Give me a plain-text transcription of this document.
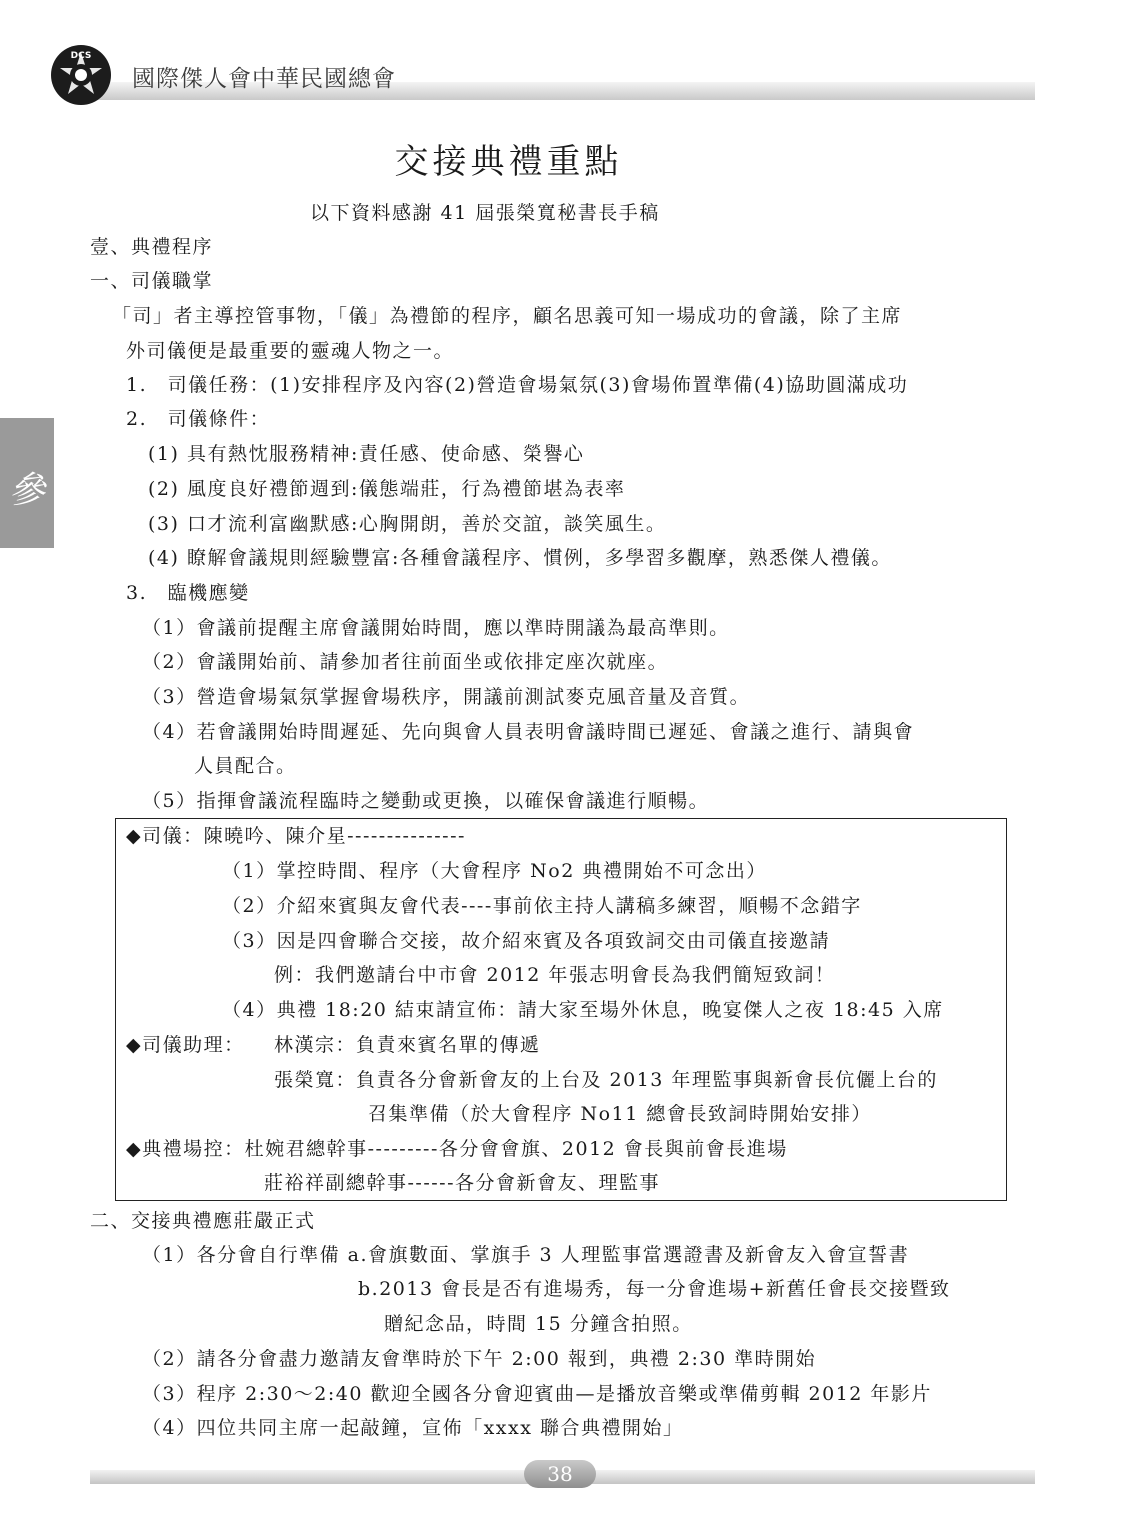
DCS
國際傑人會中華民國總會
參
交接典禮重點
以下資料感謝 41 屆張榮寬秘書長手稿
壹、典禮程序
一、司儀職掌
「司」者主導控管事物，「儀」為禮節的程序，顧名思義可知一場成功的會議，除了主席
外司儀便是最重要的靈魂人物之一。
1.　司儀任務：(1)安排程序及內容(2)營造會場氣氛(3)會場佈置準備(4)協助圓滿成功
2.　司儀條件：
(1) 具有熱忱服務精神:責任感、使命感、榮譽心
(2) 風度良好禮節週到:儀態端莊，行為禮節堪為表率
(3) 口才流利富幽默感:心胸開朗，善於交誼，談笑風生。
(4) 瞭解會議規則經驗豐富:各種會議程序、慣例，多學習多觀摩，熟悉傑人禮儀。
3.　臨機應變
（1）會議前提醒主席會議開始時間，應以準時開議為最高準則。
（2）會議開始前、請參加者往前面坐或依排定座次就座。
（3）營造會場氣氛掌握會場秩序，開議前測試麥克風音量及音質。
（4）若會議開始時間遲延、先向與會人員表明會議時間已遲延、會議之進行、請與會
人員配合。
（5）指揮會議流程臨時之變動或更換，以確保會議進行順暢。
◆司儀：陳曉吟、陳介星---------------
（1）掌控時間、程序（大會程序 No2 典禮開始不可念出）
（2）介紹來賓與友會代表----事前依主持人講稿多練習，順暢不念錯字
（3）因是四會聯合交接，故介紹來賓及各項致詞交由司儀直接邀請
例：我們邀請台中市會 2012 年張志明會長為我們簡短致詞！
（4）典禮 18:20 結束請宣佈：請大家至場外休息，晚宴傑人之夜 18:45 入席
◆司儀助理： 林漢宗：負責來賓名單的傳遞
張榮寬：負責各分會新會友的上台及 2013 年理監事與新會長伉儷上台的
召集準備（於大會程序 No11 總會長致詞時開始安排）
◆典禮場控：杜婉君總幹事---------各分會會旗、2012 會長與前會長進場
莊裕祥副總幹事------各分會新會友、理監事
二、交接典禮應莊嚴正式
（1）各分會自行準備 a.會旗數面、掌旗手 3 人理監事當選證書及新會友入會宣誓書
b.2013 會長是否有進場秀，每一分會進場+新舊任會長交接暨致
贈紀念品，時間 15 分鐘含拍照。
（2）請各分會盡力邀請友會準時於下午 2:00 報到，典禮 2:30 準時開始
（3）程序 2:30～2:40 歡迎全國各分會迎賓曲—是播放音樂或準備剪輯 2012 年影片
（4）四位共同主席一起敲鐘，宣佈「xxxx 聯合典禮開始」
38
